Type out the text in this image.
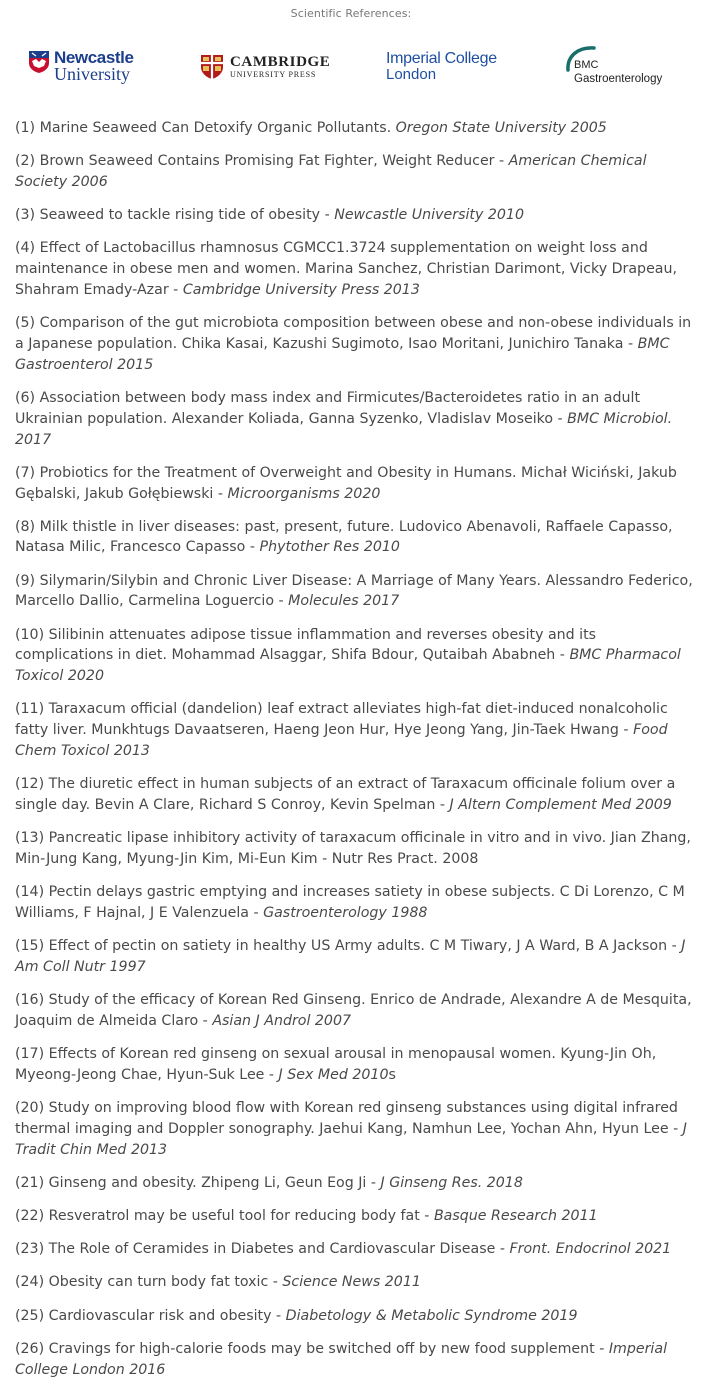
Scientific References:
Newcastle
University
CAMBRIDGE
UNIVERSITY PRESS
Imperial College
London
BMC
Gastroenterology
(1) Marine Seaweed Can Detoxify Organic Pollutants. Oregon State University 2005
(2) Brown Seaweed Contains Promising Fat Fighter, Weight Reducer - American Chemical Society 2006
(3) Seaweed to tackle rising tide of obesity - Newcastle University 2010
(4) Effect of Lactobacillus rhamnosus CGMCC1.3724 supplementation on weight loss and maintenance in obese men and women. Marina Sanchez, Christian Darimont, Vicky Drapeau, Shahram Emady-Azar - Cambridge University Press 2013
(5) Comparison of the gut microbiota composition between obese and non-obese individuals in a Japanese population. Chika Kasai, Kazushi Sugimoto, Isao Moritani, Junichiro Tanaka - BMC Gastroenterol 2015
(6) Association between body mass index and Firmicutes/Bacteroidetes ratio in an adult Ukrainian population. Alexander Koliada, Ganna Syzenko, Vladislav Moseiko - BMC Microbiol. 2017
(7) Probiotics for the Treatment of Overweight and Obesity in Humans. Michał Wiciński, Jakub Gębalski, Jakub Gołębiewski - Microorganisms 2020
(8) Milk thistle in liver diseases: past, present, future. Ludovico Abenavoli, Raffaele Capasso, Natasa Milic, Francesco Capasso - Phytother Res 2010
(9) Silymarin/Silybin and Chronic Liver Disease: A Marriage of Many Years. Alessandro Federico, Marcello Dallio, Carmelina Loguercio - Molecules 2017
(10) Silibinin attenuates adipose tissue inflammation and reverses obesity and its complications in diet. Mohammad Alsaggar, Shifa Bdour, Qutaibah Ababneh - BMC Pharmacol Toxicol 2020
(11) Taraxacum official (dandelion) leaf extract alleviates high-fat diet-induced nonalcoholic fatty liver. Munkhtugs Davaatseren, Haeng Jeon Hur, Hye Jeong Yang, Jin-Taek Hwang - Food Chem Toxicol 2013
(12) The diuretic effect in human subjects of an extract of Taraxacum officinale folium over a single day. Bevin A Clare, Richard S Conroy, Kevin Spelman - J Altern Complement Med 2009
(13) Pancreatic lipase inhibitory activity of taraxacum officinale in vitro and in vivo. Jian Zhang, Min-Jung Kang, Myung-Jin Kim, Mi-Eun Kim - Nutr Res Pract. 2008
(14) Pectin delays gastric emptying and increases satiety in obese subjects. C Di Lorenzo, C M Williams, F Hajnal, J E Valenzuela - Gastroenterology 1988
(15) Effect of pectin on satiety in healthy US Army adults. C M Tiwary, J A Ward, B A Jackson - J Am Coll Nutr 1997
(16) Study of the efficacy of Korean Red Ginseng. Enrico de Andrade, Alexandre A de Mesquita, Joaquim de Almeida Claro - Asian J Androl 2007
(17) Effects of Korean red ginseng on sexual arousal in menopausal women. Kyung-Jin Oh, Myeong-Jeong Chae, Hyun-Suk Lee - J Sex Med 2010s
(20) Study on improving blood flow with Korean red ginseng substances using digital infrared thermal imaging and Doppler sonography. Jaehui Kang, Namhun Lee, Yochan Ahn, Hyun Lee - J Tradit Chin Med 2013
(21) Ginseng and obesity. Zhipeng Li, Geun Eog Ji - J Ginseng Res. 2018
(22) Resveratrol may be useful tool for reducing body fat - Basque Research 2011
(23) The Role of Ceramides in Diabetes and Cardiovascular Disease - Front. Endocrinol 2021
(24) Obesity can turn body fat toxic - Science News 2011
(25) Cardiovascular risk and obesity - Diabetology & Metabolic Syndrome 2019
(26) Cravings for high-calorie foods may be switched off by new food supplement - Imperial College London 2016
